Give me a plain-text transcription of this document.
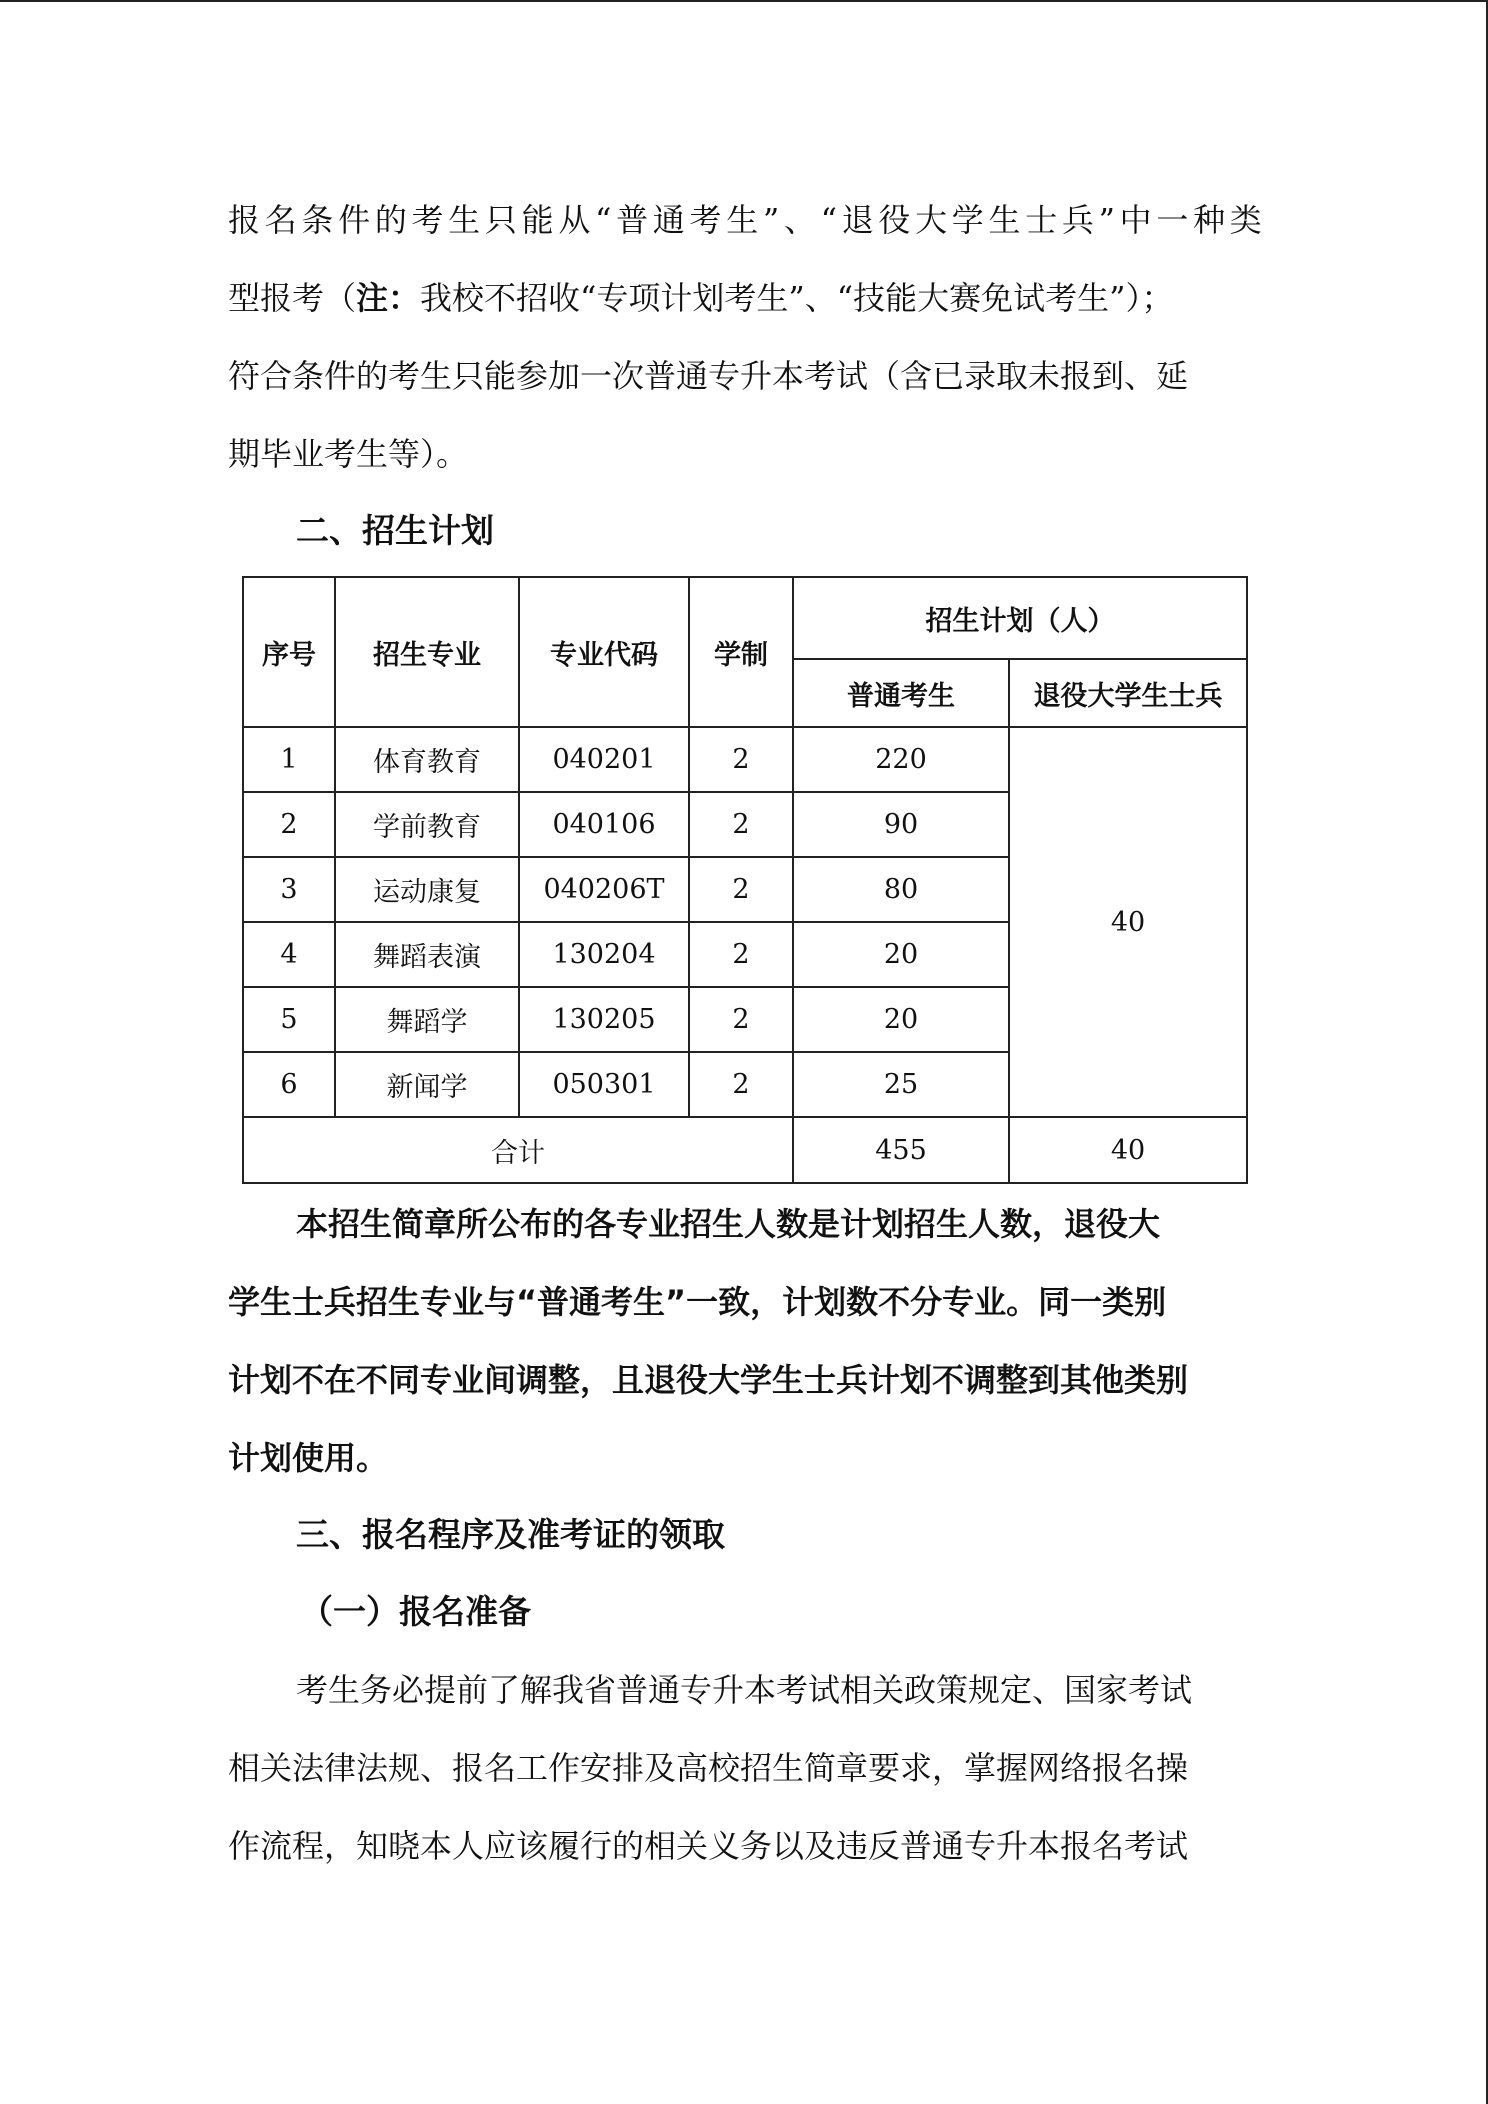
报 名 条 件 的 考 生 只 能 从 “ 普 通 考 生 ” 、 “ 退 役 大 学 生 士 兵 ” 中 一 种 类
型报考（注：我校不招收“专项计划考生”、“技能大赛免试考生”）；
符合条件的考生只能参加一次普通专升本考试（含已录取未报到、延
期毕业考生等）。
二、招生计划
序号	招生专业	专业代码	学制	招生计划（人）	
				普通考生	退役大学生士兵
1	体育教育	040201	2	220	40
2	学前教育	040106	2	90	
3	运动康复	040206T	2	80	
4	舞蹈表演	130204	2	20	
5	舞蹈学	130205	2	20	
6	新闻学	050301	2	25	
合计				455	40
本招生简章所公布的各专业招生人数是计划招生人数，退役大
学生士兵招生专业与“普通考生”一致，计划数不分专业。同一类别
计划不在不同专业间调整，且退役大学生士兵计划不调整到其他类别
计划使用。
三、报名程序及准考证的领取
（一）报名准备
考生务必提前了解我省普通专升本考试相关政策规定、国家考试
相关法律法规、报名工作安排及高校招生简章要求，掌握网络报名操
作流程，知晓本人应该履行的相关义务以及违反普通专升本报名考试
